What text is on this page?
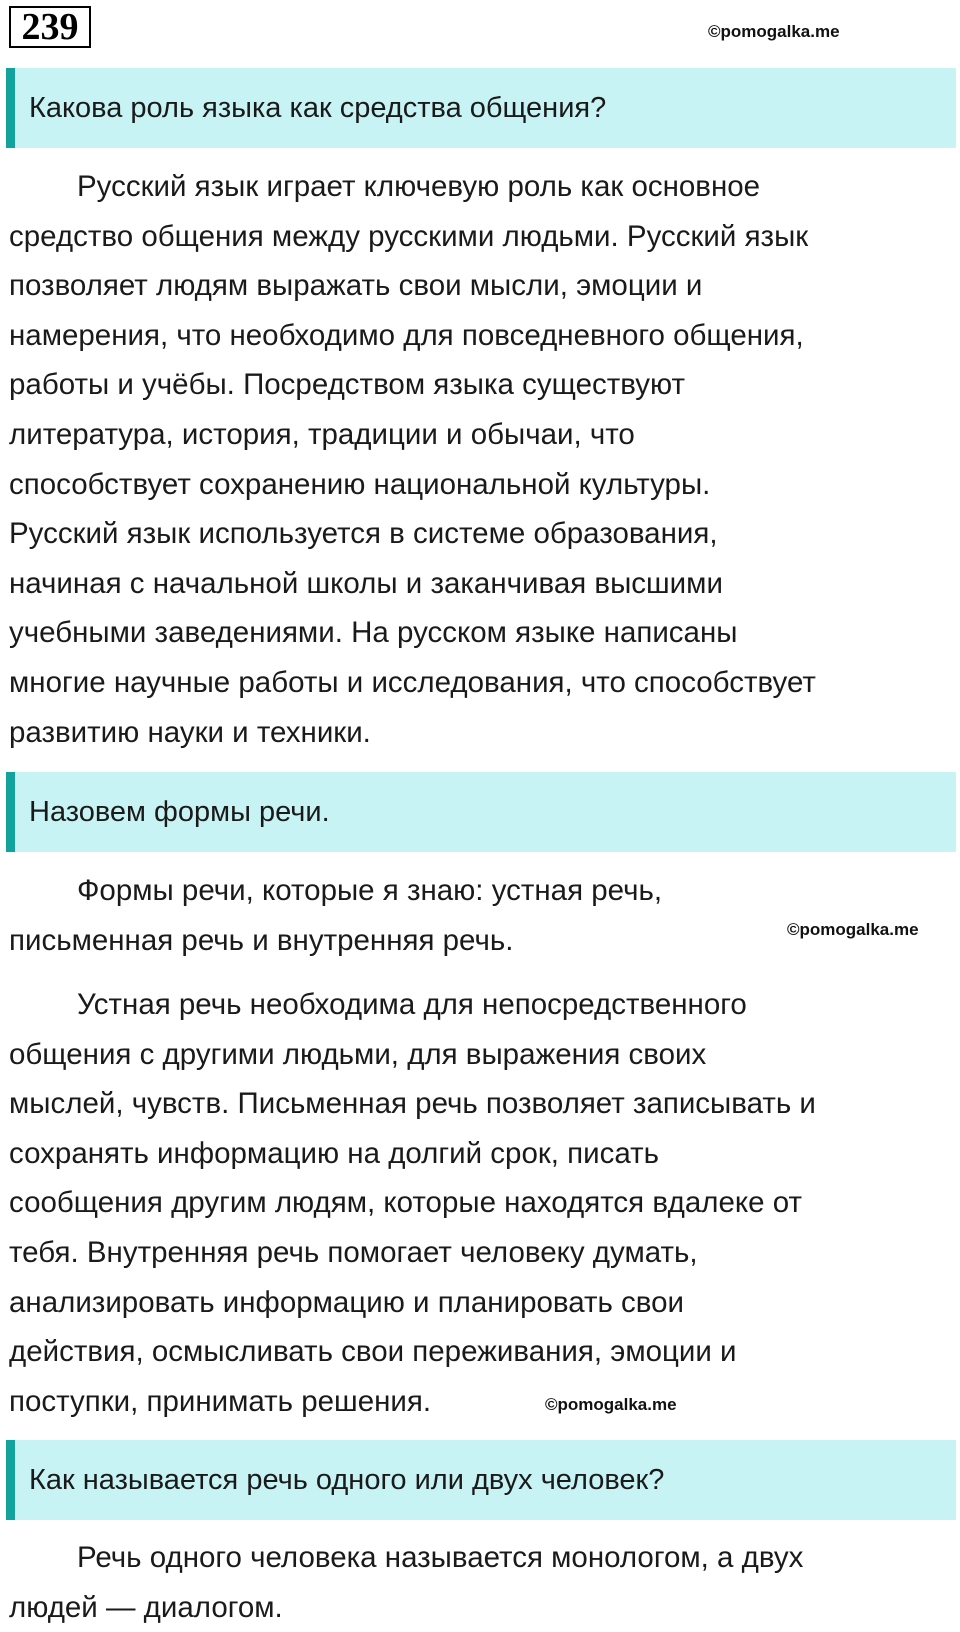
239	©pomogalka.me
Какова роль языка как средства общения?

Русский язык играет ключевую роль как основное
средство общения между русскими людьми. Русский язык
позволяет людям выражать свои мысли, эмоции и
намерения, что необходимо для повседневного общения,
работы и учёбы. Посредством языка существуют
литература, история, традиции и обычаи, что
способствует сохранению национальной культуры.
Русский язык используется в системе образования,
начиная с начальной школы и заканчивая высшими
учебными заведениями. На русском языке написаны
многие научные работы и исследования, что способствует
развитию науки и техники.

Назовем формы речи.

Формы речи, которые я знаю: устная речь,
письменная речь и внутренняя речь.	©pomogalka.me

Устная речь необходима для непосредственного
общения с другими людьми, для выражения своих
мыслей, чувств. Письменная речь позволяет записывать и
сохранять информацию на долгий срок, писать
сообщения другим людям, которые находятся вдалеке от
тебя. Внутренняя речь помогает человеку думать,
анализировать информацию и планировать свои
действия, осмысливать свои переживания, эмоции и
поступки, принимать решения.	©pomogalka.me
Как называется речь одного или двух человек?

Речь одного человека называется монологом, а двух
людей — диалогом.
